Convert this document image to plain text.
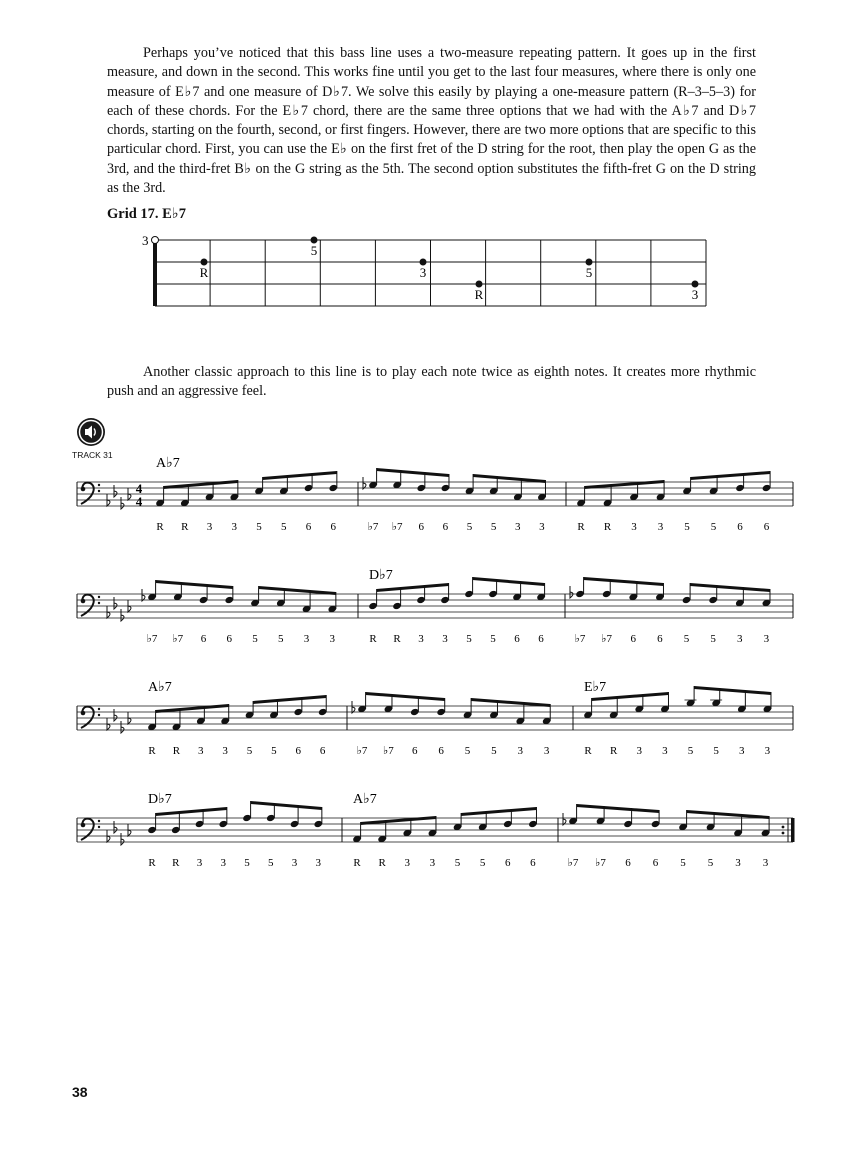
Perhaps you’ve noticed that this bass line uses a two-measure repeating pattern. It goes up in the first measure, and down in the second. This works fine until you get to the last four measures, where there is only one measure of E♭7 and one measure of D♭7. We solve this easily by playing a one-measure pattern (R–3–5–3) for each of these chords. For the E♭7 chord, there are the same three options that we had with the A♭7 and D♭7 chords, starting on the fourth, second, or first fingers. However, there are two more options that are specific to this particular chord. First, you can use the E♭ on the first fret of the D string for the root, then play the open G as the 3rd, and the third-fret B♭ on the G string as the 5th. The second option substitutes the fifth-fret G on the D string as the 3rd.

Grid 17. E♭7

3
5
R	3
R
5
3

Another classic approach to this line is to play each note twice as eighth notes. It creates more rhythmic push and an aggressive feel.

TRACK 31

4
4
A♭7
R R 3 3 5 5 6 6	♭7 ♭7 6 6 5 5 3 3	R R 3 3 5 5 6 6
♭7 ♭7 6 6 5 5 3 3
D♭7
R R 3 3 5 5 6 6	♭7 ♭7 6 6 5 5 3 3
A♭7
R R 3 3 5 5 6 6	♭7 ♭7 6 6 5 5 3 3
E♭7
R R 3 3 5 5 3 3
D♭7
R R 3 3 5 5 3 3
A♭7
R R 3 3 5 5 6 6	♭7 ♭7 6 6 5 5 3 3

38
